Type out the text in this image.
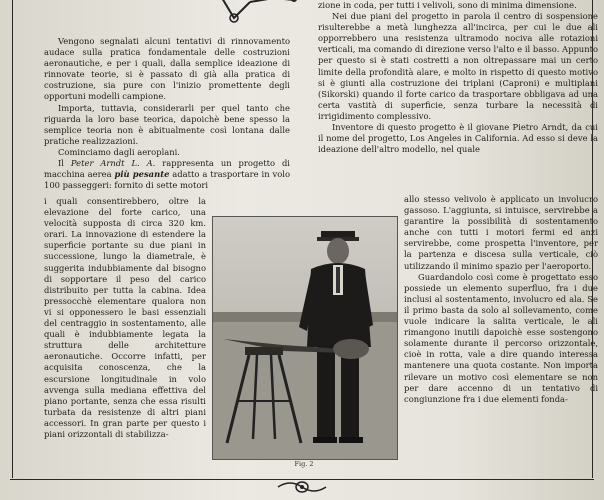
Vengono segnalati alcuni tentativi di rinnovamento audace sulla pratica fondamentale delle costruzioni aeronautiche, e per i quali, dalla semplice ideazione di rinnovate teorie, si è passato di già alla pratica di costruzione, sia pure con l'inizio promettente degli opportuni modelli campione.

Importa, tuttavia, considerarli per quel tanto che riguarda la loro base teorica, dapoichè bene spesso la semplice teoria non è abitualmente così lontana dalle pratiche realizzazioni.

Cominciamo dagli aeroplani.

Il Peter Arndt L. A. rappresenta un progetto di macchina aerea più pesante adatto a trasportare in volo 100 passeggeri: fornito di sette motori

i quali consentirebbero, oltre la elevazione del forte carico, una velocità supposta di circa 320 km. orari. La innovazione di estendere la superficie portante su due piani in successione, lungo la diametrale, è suggerita indubbiamente dal bisogno di sopportare il peso del carico distribuito per tutta la cabina. Idea pressocchè elementare qualora non vi si opponessero le basi essenziali del centraggio in sostentamento, alle quali è indubbiamente legata la struttura delle architetture aeronautiche. Occorre infatti, per acquisita conoscenza, che la escursione longitudinale in volo avvenga sulla mediana effettiva del piano portante, senza che essa risulti turbata da resistenze di altri piani accessori. In gran parte per questo i piani orizzontali di stabilizza-

zione in coda, per tutti i velivoli, sono di minima dimensione.

Nei due piani del progetto in parola il centro di sospensione risulterebbe a metà lunghezza all'incirca, per cui le due ali opporrebbero una resistenza ultramodo nociva alle rotazioni verticali, ma comando di direzione verso l'alto e il basso. Appunto per questo si è stati costretti a non oltrepassare mai un certo limite della profondità alare, e molto in rispetto di questo motivo si è giunti alla costruzione dei triplani (Caproni) e multiplani (Sikorski) quando il forte carico da trasportare obbligava ad una certa vastità di superficie, senza turbare la necessità di irrigidimento complessivo.

Inventore di questo progetto è il giovane Pietro Arndt, da cui il nome del progetto, Los Angeles in California. Ad esso si deve la ideazione dell'altro modello, nel quale

allo stesso velivolo è applicato un involucro gassoso. L'aggiunta, si intuisce, servirebbe a garantire la possibilità di sostentamento anche con tutti i motori fermi ed anzi servirebbe, come prospetta l'inventore, per la partenza e discesa sulla verticale, ciò utilizzando il minimo spazio per l'aeroporto.

Guardandolo così come è progettato esso possiede un elemento superfluo, fra i due inclusi al sostentamento, involucro ed ala. Se il primo basta da solo al sollevamento, come vuole indicare la salita verticale, le ali rimangono inutili dapoichè esse sostengono solamente durante il percorso orizzontale, cioè in rotta, vale a dire quando interessa mantenere una quota costante. Non importa rilevare un motivo così elementare se non per dare accenno di un tentativo di congiunzione fra i due elementi fonda-

Fig. 2
